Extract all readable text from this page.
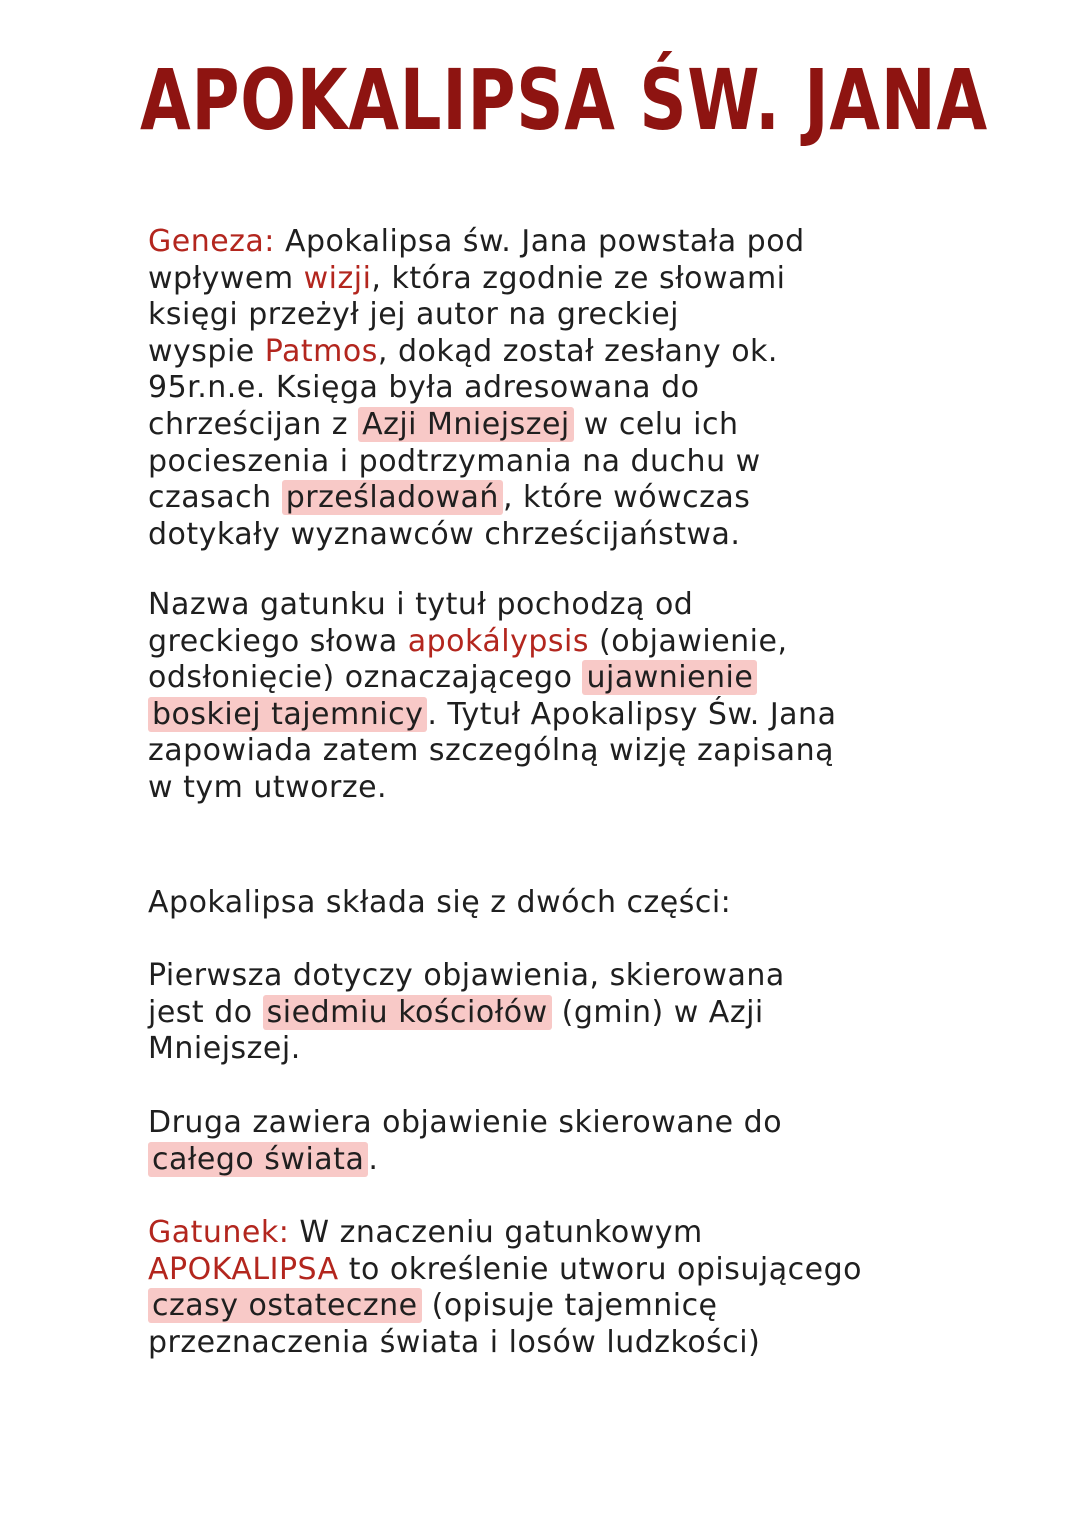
APOKALIPSA ŚW. JANA

Geneza: Apokalipsa św. Jana powstała pod
wpływem wizji, która zgodnie ze słowami
księgi przeżył jej autor na greckiej
wyspie Patmos, dokąd został zesłany ok.
95r.n.e. Księga była adresowana do
chrześcijan z Azji Mniejszej w celu ich
pocieszenia i podtrzymania na duchu w
czasach prześladowań , które wówczas
dotykały wyznawców chrześcijaństwa.

Nazwa gatunku i tytuł pochodzą od
greckiego słowa apokálypsis (objawienie,
odsłonięcie) oznaczającego ujawnienie
boskiej tajemnicy . Tytuł Apokalipsy Św. Jana
zapowiada zatem szczególną wizję zapisaną
w tym utworze.

Apokalipsa składa się z dwóch części:

Pierwsza dotyczy objawienia, skierowana
jest do siedmiu kościołów (gmin) w Azji
Mniejszej.

Druga zawiera objawienie skierowane do
całego świata .

Gatunek: W znaczeniu gatunkowym
APOKALIPSA to określenie utworu opisującego
czasy ostateczne (opisuje tajemnicę
przeznaczenia świata i losów ludzkości)
